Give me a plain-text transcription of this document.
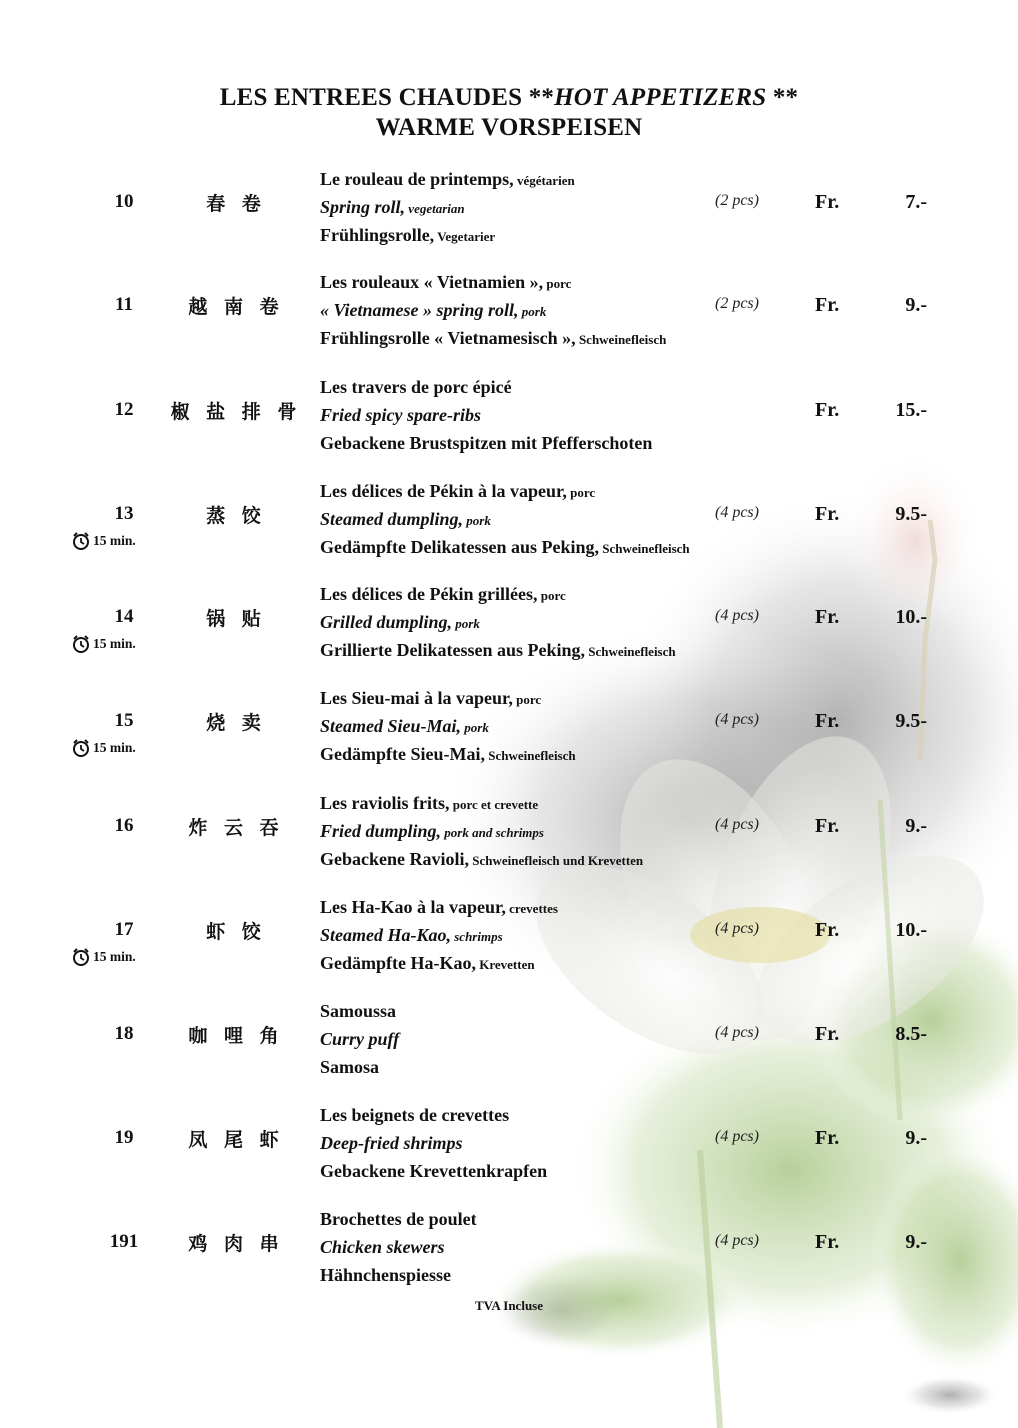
LES ENTREES CHAUDES **HOT APPETIZERS **
WARME VORSPEISEN
10	春 卷
Le rouleau de printemps, végétarien
Spring roll, vegetarian
Frühlingsrolle, Vegetarier
(2 pcs)	Fr.	7.-
11	越 南 卷
Les rouleaux « Vietnamien », porc
« Vietnamese » spring roll, pork
Frühlingsrolle « Vietnamesisch », Schweinefleisch
(2 pcs)	Fr.	9.-
12	椒 盐 排 骨
Les travers de porc épicé
Fried spicy spare-ribs
Gebackene Brustspitzen mit Pfefferschoten
Fr.	15.-
13
15 min.
蒸 饺
Les délices de Pékin à la vapeur, porc
Steamed dumpling, pork
Gedämpfte Delikatessen aus Peking, Schweinefleisch
(4 pcs)	Fr.	9.5-
14
15 min.
锅 贴
Les délices de Pékin grillées, porc
Grilled dumpling, pork
Grillierte Delikatessen aus Peking, Schweinefleisch
(4 pcs)	Fr.	10.-
15
15 min.
烧 卖
Les Sieu-mai à la vapeur, porc
Steamed Sieu-Mai, pork
Gedämpfte Sieu-Mai, Schweinefleisch
(4 pcs)	Fr.	9.5-
16	炸 云 吞
Les raviolis frits, porc et crevette
Fried dumpling, pork and schrimps
Gebackene Ravioli, Schweinefleisch und Krevetten
(4 pcs)	Fr.	9.-
17
15 min.
虾 饺
Les Ha-Kao à la vapeur, crevettes
Steamed Ha-Kao, schrimps
Gedämpfte Ha-Kao, Krevetten
(4 pcs)	Fr.	10.-
18	咖 哩 角
Samoussa
Curry puff
Samosa
(4 pcs)	Fr.	8.5-
19	凤 尾 虾
Les beignets de crevettes
Deep-fried shrimps
Gebackene Krevettenkrapfen
(4 pcs)	Fr.	9.-
191	鸡 肉 串
Brochettes de poulet
Chicken skewers
Hähnchenspiesse
(4 pcs)	Fr.	9.-
TVA Incluse
